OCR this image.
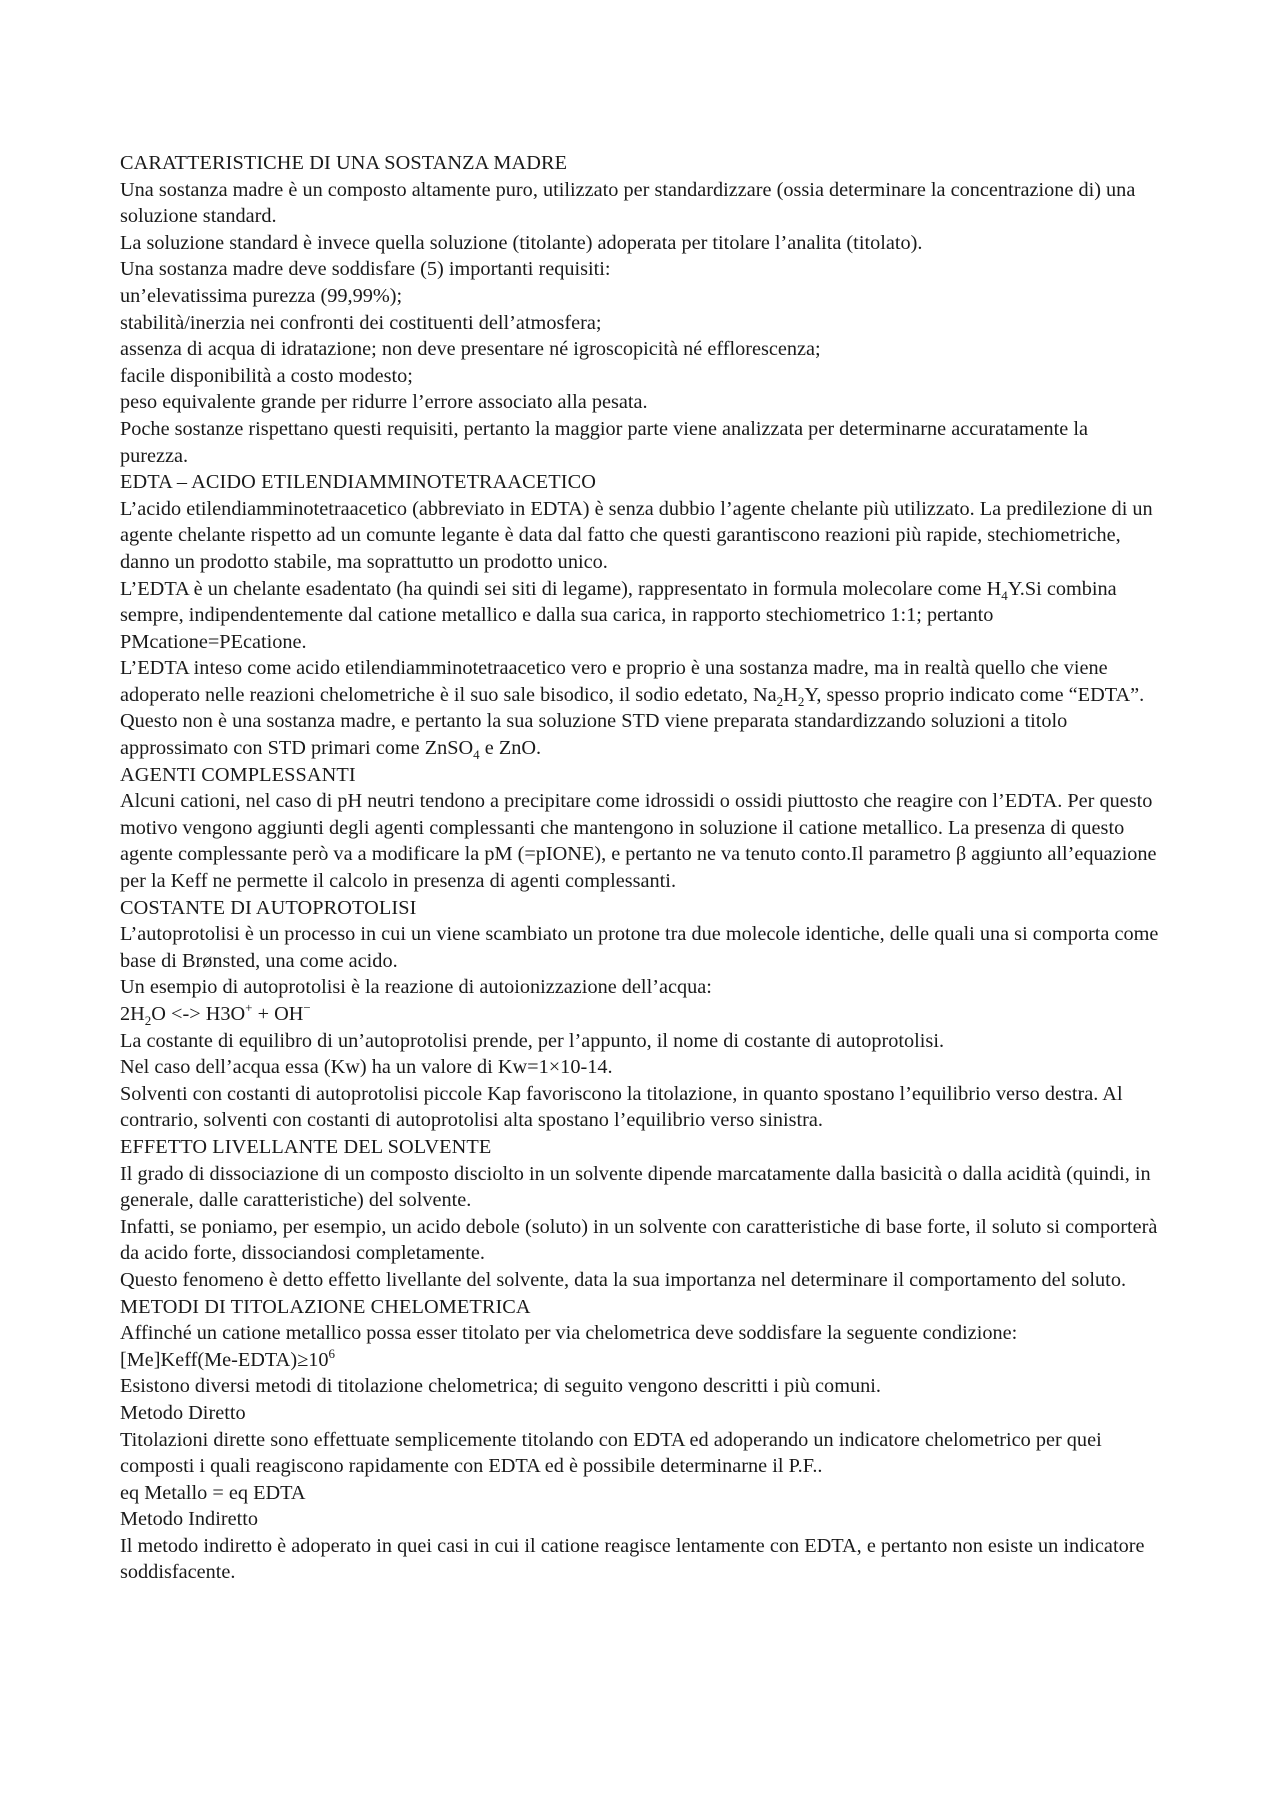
CARATTERISTICHE DI UNA SOSTANZA MADRE

Una sostanza madre è un composto altamente puro, utilizzato per standardizzare (ossia determinare la concentrazione di) una soluzione standard.

La soluzione standard è invece quella soluzione (titolante) adoperata per titolare l’analita (titolato).

Una sostanza madre deve soddisfare (5) importanti requisiti:

un’elevatissima purezza (99,99%);

stabilità/inerzia nei confronti dei costituenti dell’atmosfera;

assenza di acqua di idratazione; non deve presentare né igroscopicità né efflorescenza;

facile disponibilità a costo modesto;

peso equivalente grande per ridurre l’errore associato alla pesata.

Poche sostanze rispettano questi requisiti, pertanto la maggior parte viene analizzata per determinarne accuratamente la purezza.

EDTA – ACIDO ETILENDIAMMINOTETRAACETICO

L’acido etilendiamminotetraacetico (abbreviato in EDTA) è senza dubbio l’agente chelante più utilizzato. La predilezione di un agente chelante rispetto ad un comunte legante è data dal fatto che questi garantiscono reazioni più rapide, stechiometriche, danno un prodotto stabile, ma soprattutto un prodotto unico.

L’EDTA è un chelante esadentato (ha quindi sei siti di legame), rappresentato in formula molecolare come $H_4Y.Si$ combina sempre, indipendentemente dal catione metallico e dalla sua carica, in rapporto stechiometrico 1:1; pertanto PMcatione=PEcatione.

L’EDTA inteso come acido etilendiamminotetraacetico vero e proprio è una sostanza madre, ma in realtà quello che viene adoperato nelle reazioni chelometriche è il suo sale bisodico, il sodio edetato, $Na_2H_2Y$, spesso proprio indicato come “EDTA”. Questo non è una sostanza madre, e pertanto la sua soluzione STD viene preparata standardizzando soluzioni a titolo approssimato con STD primari come ZnSO$_4$ e ZnO.

AGENTI COMPLESSANTI

Alcuni cationi, nel caso di pH neutri tendono a precipitare come idrossidi o ossidi piuttosto che reagire con l’EDTA. Per questo motivo vengono aggiunti degli agenti complessanti che mantengono in soluzione il catione metallico. La presenza di questo agente complessante però va a modificare la pM (=pIONE), e pertanto ne va tenuto conto.Il parametro β aggiunto all’equazione per la Keff ne permette il calcolo in presenza di agenti complessanti.

COSTANTE DI AUTOPROTOLISI

L’autoprotolisi è un processo in cui un viene scambiato un protone tra due molecole identiche, delle quali una si comporta come base di Brønsted, una come acido.

Un esempio di autoprotolisi è la reazione di autoionizzazione dell’acqua:

$2H_2O$ <-> H3O+ + OH−

La costante di equilibro di un’autoprotolisi prende, per l’appunto, il nome di costante di autoprotolisi.

Nel caso dell’acqua essa (Kw) ha un valore di Kw=1×10-14.

Solventi con costanti di autoprotolisi piccole Kap favoriscono la titolazione, in quanto spostano l’equilibrio verso destra. Al contrario, solventi con costanti di autoprotolisi alta spostano l’equilibrio verso sinistra.

EFFETTO LIVELLANTE DEL SOLVENTE

Il grado di dissociazione di un composto disciolto in un solvente dipende marcatamente dalla basicità o dalla acidità (quindi, in generale, dalle caratteristiche) del solvente.

Infatti, se poniamo, per esempio, un acido debole (soluto) in un solvente con caratteristiche di base forte, il soluto si comporterà da acido forte, dissociandosi completamente.

Questo fenomeno è detto effetto livellante del solvente, data la sua importanza nel determinare il comportamento del soluto.

METODI DI TITOLAZIONE CHELOMETRICA

Affinché un catione metallico possa esser titolato per via chelometrica deve soddisfare la seguente condizione:

$[Me]Keff(Me-EDTA)\ge 10^6$

Esistono diversi metodi di titolazione chelometrica; di seguito vengono descritti i più comuni.

Metodo Diretto

Titolazioni dirette sono effettuate semplicemente titolando con EDTA ed adoperando un indicatore chelometrico per quei composti i quali reagiscono rapidamente con EDTA ed è possibile determinarne il P.F..

eq Metallo = eq EDTA

Metodo Indiretto

Il metodo indiretto è adoperato in quei casi in cui il catione reagisce lentamente con EDTA, e pertanto non esiste un indicatore soddisfacente.
